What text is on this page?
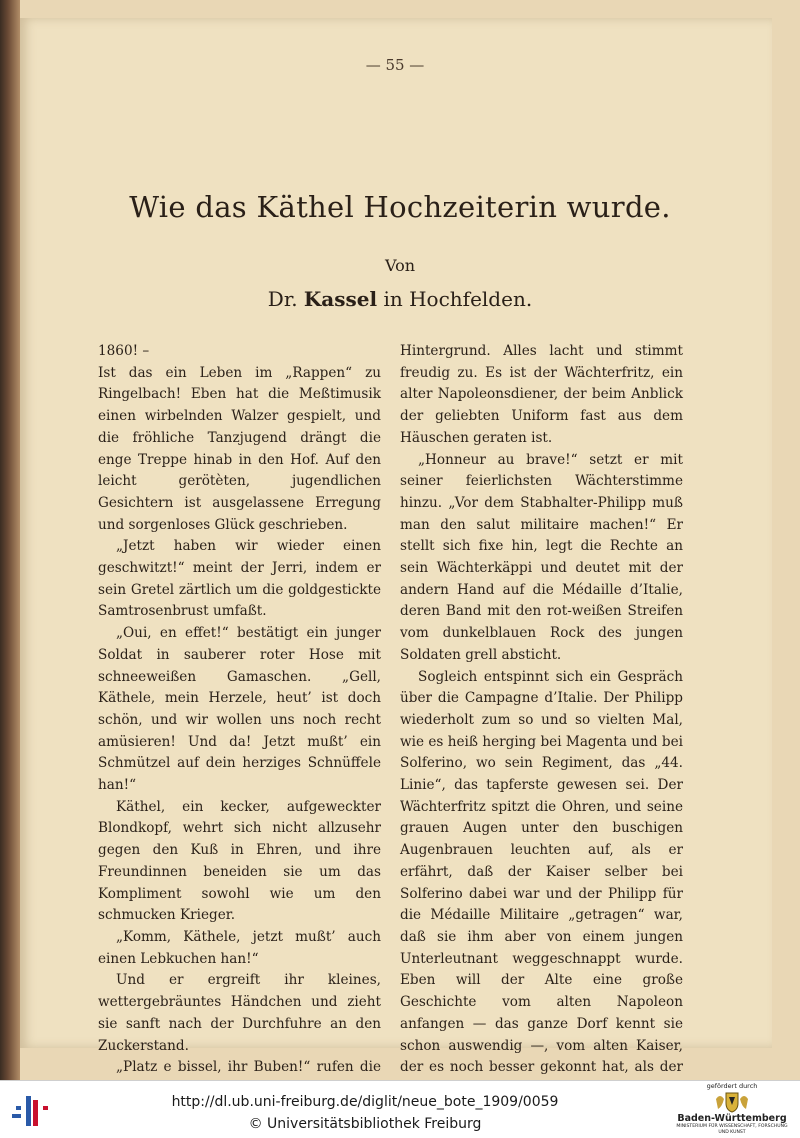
— 55 —
Wie das Käthel Hochzeiterin wurde.
Von
Dr. Kassel in Hochfelden.

1860! –

Ist das ein Leben im „Rappen“ zu Ringelbach! Eben hat die Meßtimusik einen wirbelnden Walzer gespielt, und die fröhliche Tanzjugend drängt die enge Treppe hinab in den Hof. Auf den leicht gerötèten, jugendlichen Gesichtern ist ausgelassene Erregung und sorgenloses Glück geschrieben.

„Jetzt haben wir wieder einen geschwitzt!“ meint der Jerri, indem er sein Gretel zärtlich um die goldgestickte Samtrosenbrust umfaßt.

„Oui, en effet!“ bestätigt ein junger Soldat in sauberer roter Hose mit schneeweißen Gamaschen. „Gell, Käthele, mein Herzele, heut’ ist doch schön, und wir wollen uns noch recht amüsieren! Und da! Jetzt mußt’ ein Schmützel auf dein herziges Schnüffele han!“

Käthel, ein kecker, aufgeweckter Blondkopf, wehrt sich nicht allzusehr gegen den Kuß in Ehren, und ihre Freundinnen beneiden sie um das Kompliment sowohl wie um den schmucken Krieger.

„Komm, Käthele, jetzt mußt’ auch einen Lebkuchen han!“

Und er ergreift ihr kleines, wettergebräuntes Händchen und zieht sie sanft nach der Durchfuhre an den Zuckerstand.

„Platz e bissel, ihr Buben!“ rufen die

Hintergrund. Alles lacht und stimmt freudig zu. Es ist der Wächterfritz, ein alter Napoleonsdiener, der beim Anblick der geliebten Uniform fast aus dem Häuschen geraten ist.

„Honneur au brave!“ setzt er mit seiner feierlichsten Wächterstimme hinzu. „Vor dem Stabhalter-Philipp muß man den salut militaire machen!“ Er stellt sich fixe hin, legt die Rechte an sein Wächterkäppi und deutet mit der andern Hand auf die Médaille d’Italie, deren Band mit den rot-weißen Streifen vom dunkelblauen Rock des jungen Soldaten grell absticht.

Sogleich entspinnt sich ein Gespräch über die Campagne d’Italie. Der Philipp wiederholt zum so und so vielten Mal, wie es heiß herging bei Magenta und bei Solferino, wo sein Regiment, das „44. Linie“, das tapferste gewesen sei. Der Wächterfritz spitzt die Ohren, und seine grauen Augen unter den buschigen Augenbrauen leuchten auf, als er erfährt, daß der Kaiser selber bei Solferino dabei war und der Philipp für die Médaille Militaire „getragen“ war, daß sie ihm aber von einem jungen Unterleutnant weggeschnappt wurde. Eben will der Alte eine große Geschichte vom alten Napoleon anfangen — das ganze Dorf kennt sie schon auswendig —, vom alten Kaiser, der es noch besser gekonnt hat, als der

http://dl.ub.uni-freiburg.de/diglit/neue_bote_1909/0059
© Universitätsbibliothek Freiburg
gefördert durch
Baden-Württemberg
MINISTERIUM FÜR WISSENSCHAFT, FORSCHUNG UND KUNST
